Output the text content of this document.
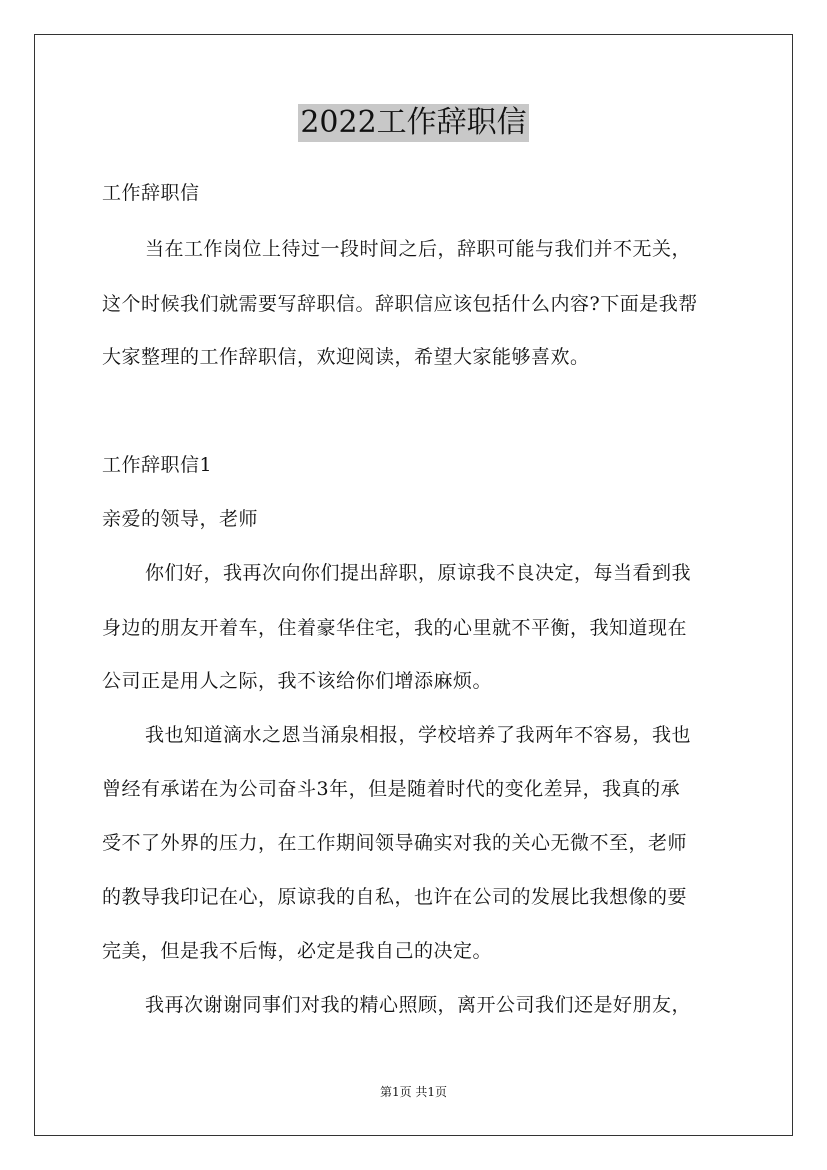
2022工作辞职信
工作辞职信
当在工作岗位上待过一段时间之后，辞职可能与我们并不无关，
这个时候我们就需要写辞职信。辞职信应该包括什么内容?下面是我帮
大家整理的工作辞职信，欢迎阅读，希望大家能够喜欢。
工作辞职信1
亲爱的领导，老师
你们好，我再次向你们提出辞职，原谅我不良决定，每当看到我
身边的朋友开着车，住着豪华住宅，我的心里就不平衡，我知道现在
公司正是用人之际，我不该给你们增添麻烦。
我也知道滴水之恩当涌泉相报，学校培养了我两年不容易，我也
曾经有承诺在为公司奋斗3年，但是随着时代的变化差异，我真的承
受不了外界的压力，在工作期间领导确实对我的关心无微不至，老师
的教导我印记在心，原谅我的自私，也许在公司的发展比我想像的要
完美，但是我不后悔，必定是我自己的决定。
我再次谢谢同事们对我的精心照顾，离开公司我们还是好朋友，
第1页 共1页
